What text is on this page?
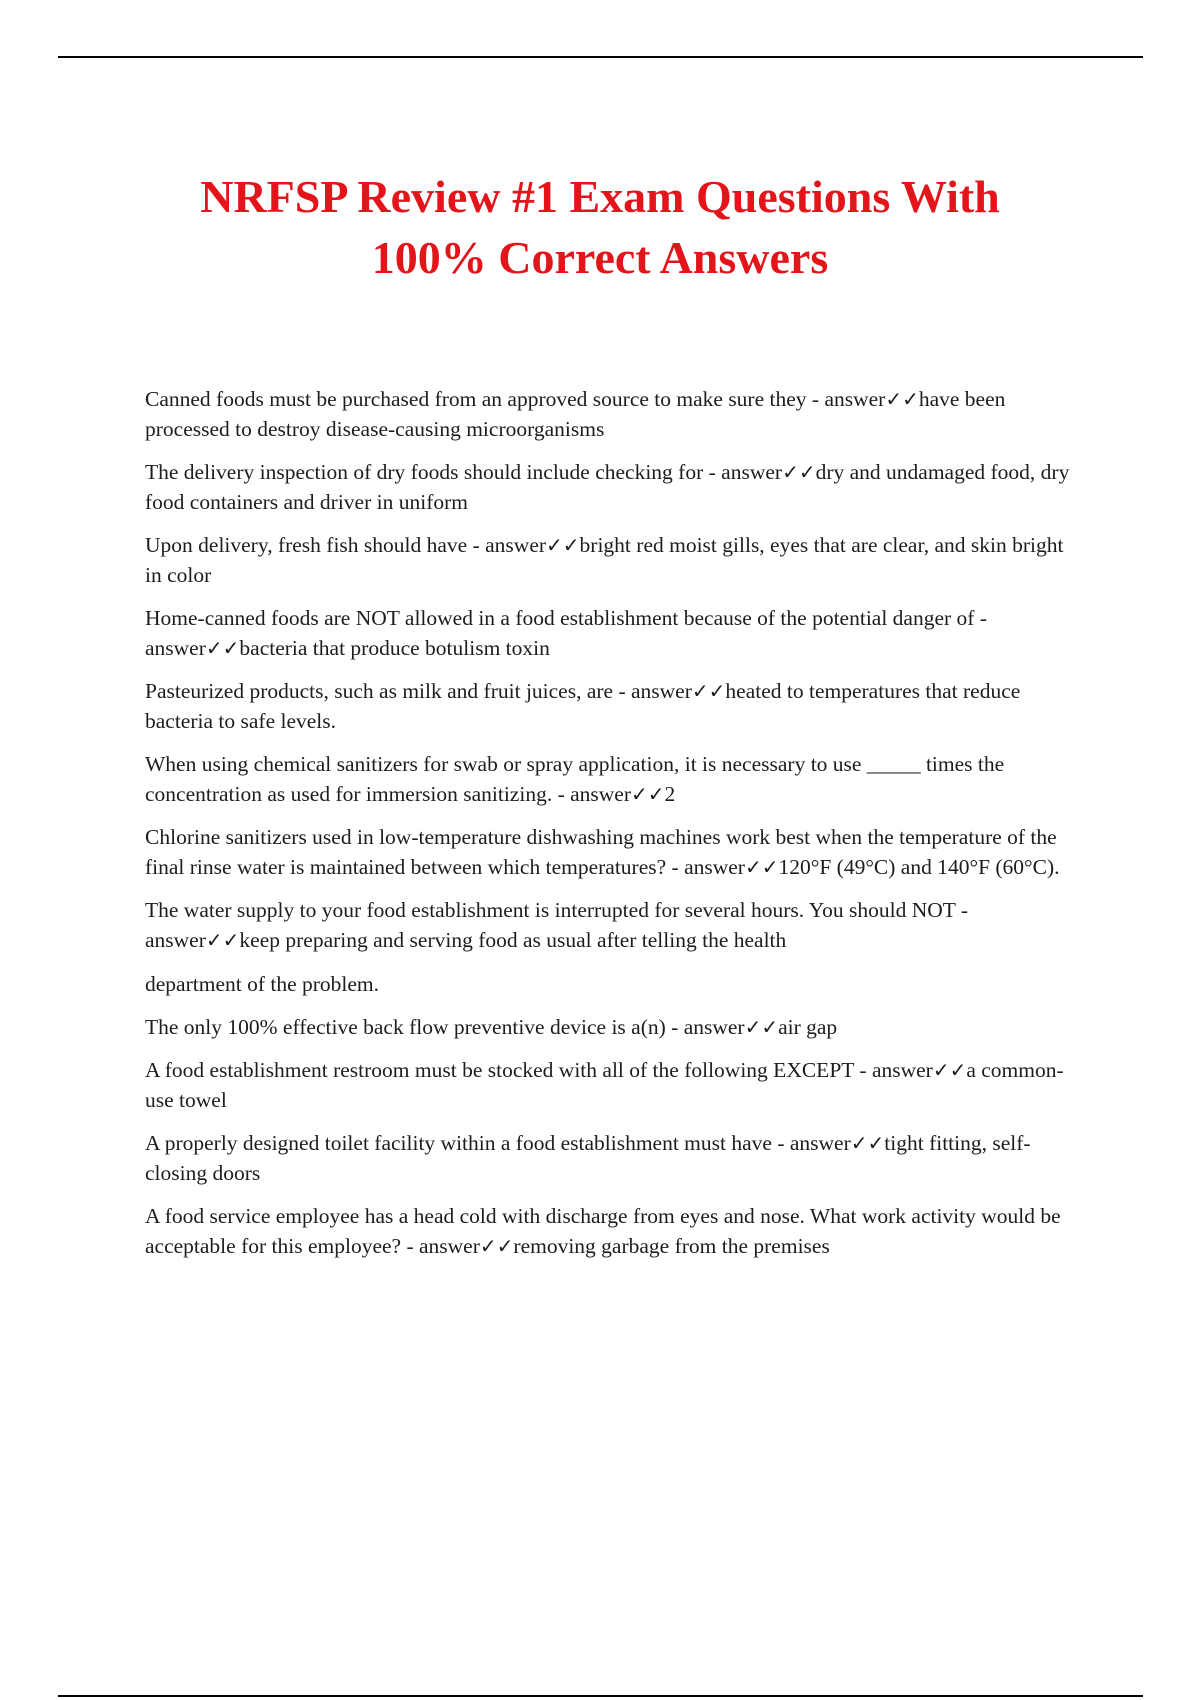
NRFSP Review #1 Exam Questions With
100% Correct Answers

Canned foods must be purchased from an approved source to make sure they - answer✓✓have been processed to destroy disease-causing microorganisms

The delivery inspection of dry foods should include checking for - answer✓✓dry and undamaged food, dry food containers and driver in uniform

Upon delivery, fresh fish should have - answer✓✓bright red moist gills, eyes that are clear, and skin bright in color

Home-canned foods are NOT allowed in a food establishment because of the potential danger of - answer✓✓bacteria that produce botulism toxin

Pasteurized products, such as milk and fruit juices, are - answer✓✓heated to temperatures that reduce bacteria to safe levels.

When using chemical sanitizers for swab or spray application, it is necessary to use _____ times the concentration as used for immersion sanitizing. - answer✓✓2

Chlorine sanitizers used in low-temperature dishwashing machines work best when the temperature of the final rinse water is maintained between which temperatures? - answer✓✓120°F (49°C) and 140°F (60°C).

The water supply to your food establishment is interrupted for several hours. You should NOT - answer✓✓keep preparing and serving food as usual after telling the health

department of the problem.

The only 100% effective back flow preventive device is a(n) - answer✓✓air gap

A food establishment restroom must be stocked with all of the following EXCEPT - answer✓✓a common-use towel

A properly designed toilet facility within a food establishment must have - answer✓✓tight fitting, self-closing doors

A food service employee has a head cold with discharge from eyes and nose. What work activity would be acceptable for this employee? - answer✓✓removing garbage from the premises
